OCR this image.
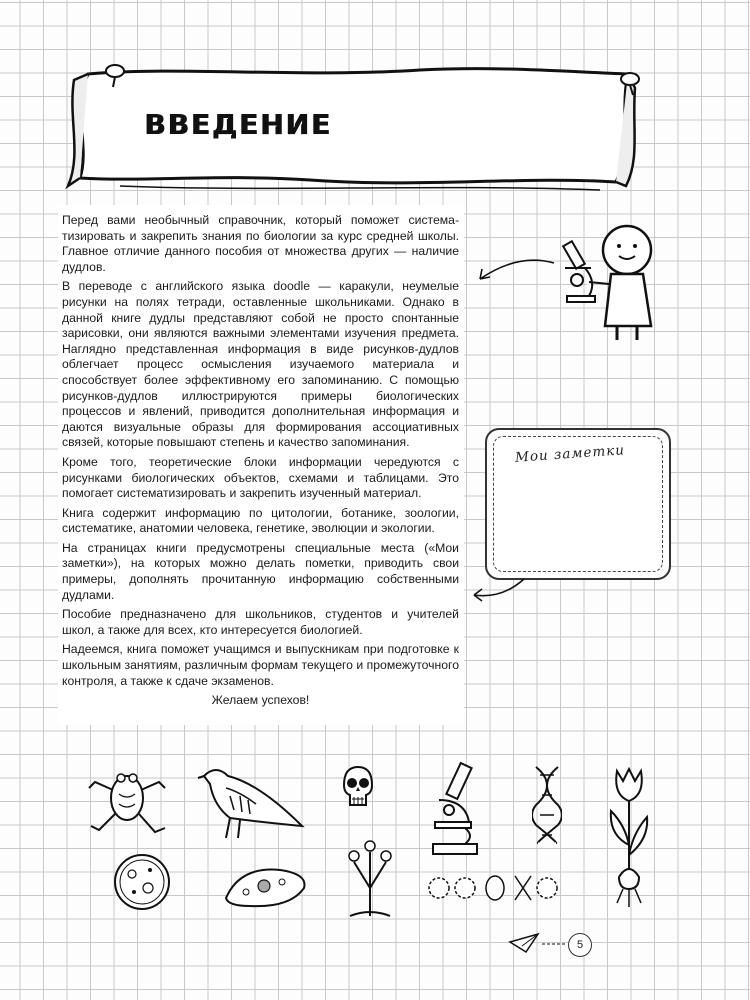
ВВЕДЕНИЕ

Перед вами необычный справочник, который поможет систематизировать и закрепить знания по биологии за курс средней школы. Главное отличие данного пособия от множества других — наличие дудлов.

В переводе с английского языка doodle — каракули, неумелые рисунки на полях тетради, оставленные школьниками. Однако в данной книге дудлы представляют собой не просто спонтанные зарисовки, они являются важными элементами изучения предмета. Наглядно представленная информация в виде рисунков-дудлов облегчает процесс осмысления изучаемого материала и способствует более эффективному его запоминанию. С помощью рисунков-дудлов иллюстрируются примеры биологических процессов и явлений, приводится дополнительная информация и даются визуальные образы для формирования ассоциативных связей, которые повышают степень и качество запоминания.

Кроме того, теоретические блоки информации чередуются с рисунками биологических объектов, схемами и таблицами. Это помогает систематизировать и закрепить изученный материал.

Книга содержит информацию по цитологии, ботанике, зоологии, систематике, анатомии человека, генетике, эволюции и экологии.

На страницах книги предусмотрены специальные места («Мои заметки»), на которых можно делать пометки, приводить свои примеры, дополнять прочитанную информацию собственными дудлами.

Пособие предназначено для школьников, студентов и учителей школ, а также для всех, кто интересуется биологией.

Надеемся, книга поможет учащимся и выпускникам при подготовке к школьным занятиям, различным формам текущего и промежуточного контроля, а также к сдаче экзаменов.

Желаем успехов!

Мои заметки
5
